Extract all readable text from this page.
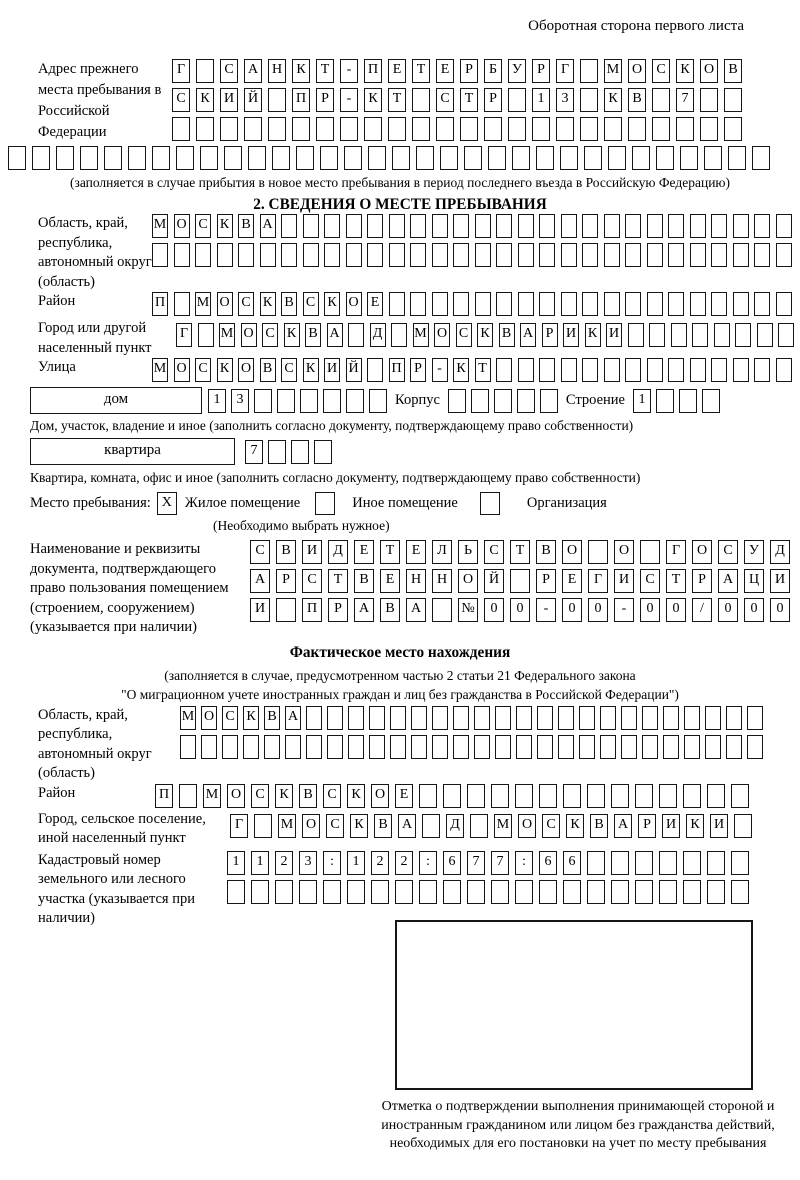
Оборотная сторона первого листа
Адрес прежнего места пребывания в Российской Федерации
Г	С	А Н	К	Т	-	П	Е	Т	Е	Р	Б	У	Р	Г	М О	С	К	О	В
С	К	И Й	П	Р	-	К	Т	С	Т	Р	1	3	К	В	7
(заполняется в случае прибытия в новое место пребывания в период последнего въезда в Российскую Федерацию)
2. СВЕДЕНИЯ О МЕСТЕ ПРЕБЫВАНИЯ
Область, край, республика, автономный округ (область)
М О С К В А
Район	П М О С К В С К О Е
Город или другой населенный пункт
Г М О С К В А Д М О С К В А Р И К И
Улица	М О С К О В С К И Й П Р	-	К Т
дом	1	3	Корпус	Строение 1
Дом, участок, владение и иное (заполнить согласно документу, подтверждающему право собственности)
квартира	7
Квартира, комната, офис и иное (заполнить согласно документу, подтверждающему право собственности)
Место пребывания: X Жилое помещение	Иное помещение	Организация
(Необходимо выбрать нужное)
Наименование и реквизиты документа, подтверждающего право пользования помещением (строением, сооружением) (указывается при наличии)
С	В	И	Д	Е	Т	Е	Л	Ь	С	Т	В	О	О	Г	О	С	У	Д
А	Р	С	Т	В	Е	Н	Н	О	Й	Р	Е	Г	И	С	Т	Р	А	Ц	И
И	П	Р	А	В	А	№	0	0	-	0	0	-	0	0	/	0	0	0
Фактическое место нахождения
(заполняется в случае, предусмотренном частью 2 статьи 21 Федерального закона
"О миграционном учете иностранных граждан и лиц без гражданства в Российской Федерации")
Область, край, республика, автономный округ (область)
М О С К В А
Район	П	М О	С	К	В	С	К	О	Е
Город, сельское поселение, иной населенный пункт
Г	М О	С	К	В	А	Д	М О	С	К	В	А	Р	И	К	И
Кадастровый номер земельного или лесного участка (указывается при наличии)
1	1	2	3	:	1	2	2	:	6	7	7	:	6	6
Отметка о подтверждении выполнения принимающей стороной и иностранным гражданином или лицом без гражданства действий, необходимых для его постановки на учет по месту пребывания
